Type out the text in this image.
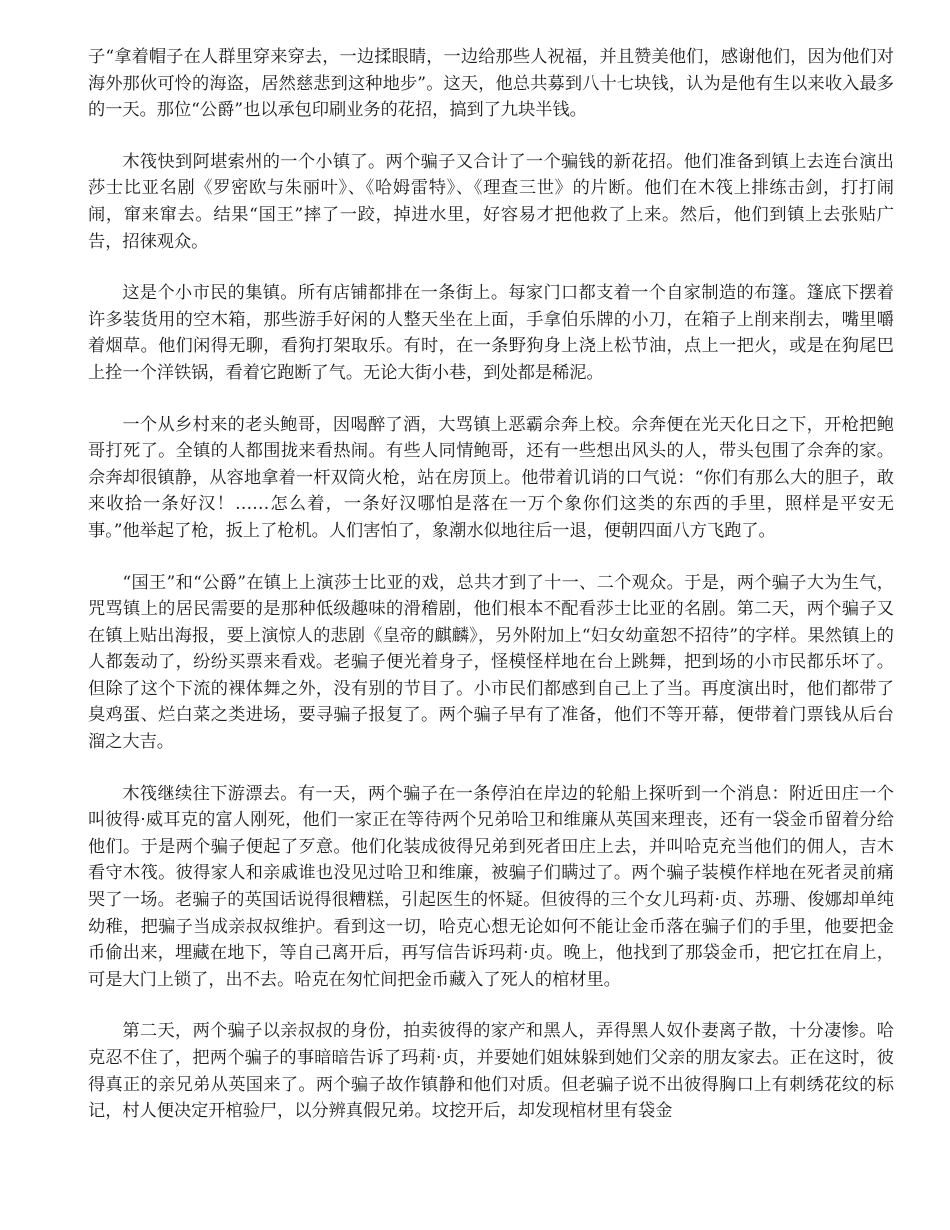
子“拿着帽子在人群里穿来穿去，一边揉眼睛，一边给那些人祝福，并且赞美他们，感谢他们，因为他们对海外那伙可怜的海盗，居然慈悲到这种地步”。这天，他总共募到八十七块钱，认为是他有生以来收入最多的一天。那位“公爵”也以承包印刷业务的花招，搞到了九块半钱。

木筏快到阿堪索州的一个小镇了。两个骗子又合计了一个骗钱的新花招。他们准备到镇上去连台演出莎士比亚名剧《罗密欧与朱丽叶》、《哈姆雷特》、《理查三世》的片断。他们在木筏上排练击剑，打打闹闹，窜来窜去。结果“国王”摔了一跤，掉进水里，好容易才把他救了上来。然后，他们到镇上去张贴广告，招徕观众。

这是个小市民的集镇。所有店铺都排在一条街上。每家门口都支着一个自家制造的布篷。篷底下摆着许多装货用的空木箱，那些游手好闲的人整天坐在上面，手拿伯乐牌的小刀，在箱子上削来削去，嘴里嚼着烟草。他们闲得无聊，看狗打架取乐。有时，在一条野狗身上浇上松节油，点上一把火，或是在狗尾巴上拴一个洋铁锅，看着它跑断了气。无论大街小巷，到处都是稀泥。

一个从乡村来的老头鲍哥，因喝醉了酒，大骂镇上恶霸佘奔上校。佘奔便在光天化日之下，开枪把鲍哥打死了。全镇的人都围拢来看热闹。有些人同情鲍哥，还有一些想出风头的人，带头包围了佘奔的家。佘奔却很镇静，从容地拿着一杆双筒火枪，站在房顶上。他带着讥诮的口气说：“你们有那么大的胆子，敢来收拾一条好汉！……怎么着，一条好汉哪怕是落在一万个象你们这类的东西的手里，照样是平安无事。”他举起了枪，扳上了枪机。人们害怕了，象潮水似地往后一退，便朝四面八方飞跑了。

“国王”和“公爵”在镇上上演莎士比亚的戏，总共才到了十一、二个观众。于是，两个骗子大为生气，咒骂镇上的居民需要的是那种低级趣味的滑稽剧，他们根本不配看莎士比亚的名剧。第二天，两个骗子又在镇上贴出海报，要上演惊人的悲剧《皇帝的麒麟》，另外附加上“妇女幼童恕不招待”的字样。果然镇上的人都轰动了，纷纷买票来看戏。老骗子便光着身子，怪模怪样地在台上跳舞，把到场的小市民都乐坏了。但除了这个下流的裸体舞之外，没有别的节目了。小市民们都感到自己上了当。再度演出时，他们都带了臭鸡蛋、烂白菜之类进场，要寻骗子报复了。两个骗子早有了准备，他们不等开幕，便带着门票钱从后台溜之大吉。

木筏继续往下游漂去。有一天，两个骗子在一条停泊在岸边的轮船上探听到一个消息：附近田庄一个叫彼得·威耳克的富人刚死，他们一家正在等待两个兄弟哈卫和维廉从英国来理丧，还有一袋金币留着分给他们。于是两个骗子便起了歹意。他们化装成彼得兄弟到死者田庄上去，并叫哈克充当他们的佣人，吉木看守木筏。彼得家人和亲戚谁也没见过哈卫和维廉，被骗子们瞒过了。两个骗子装模作样地在死者灵前痛哭了一场。老骗子的英国话说得很糟糕，引起医生的怀疑。但彼得的三个女儿玛莉·贞、苏珊、俊娜却单纯幼稚，把骗子当成亲叔叔维护。看到这一切，哈克心想无论如何不能让金币落在骗子们的手里，他要把金币偷出来，埋藏在地下，等自己离开后，再写信告诉玛莉·贞。晚上，他找到了那袋金币，把它扛在肩上，可是大门上锁了，出不去。哈克在匆忙间把金币藏入了死人的棺材里。

第二天，两个骗子以亲叔叔的身份，拍卖彼得的家产和黑人，弄得黑人奴仆妻离子散，十分凄惨。哈克忍不住了，把两个骗子的事暗暗告诉了玛莉·贞，并要她们姐妹躲到她们父亲的朋友家去。正在这时，彼得真正的亲兄弟从英国来了。两个骗子故作镇静和他们对质。但老骗子说不出彼得胸口上有刺绣花纹的标记，村人便决定开棺验尸，以分辨真假兄弟。坟挖开后，却发现棺材里有袋金
